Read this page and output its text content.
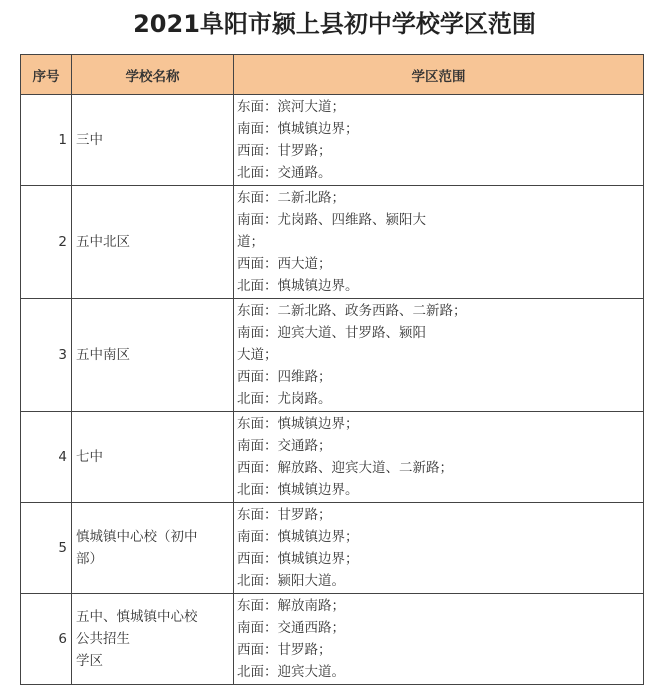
2021阜阳市颍上县初中学校学区范围
序号	学校名称	学区范围
1	三中	东面：滨河大道；
南面：慎城镇边界；
西面：甘罗路；
北面：交通路。

2	五中北区	东面：二新北路；
南面：尤岗路、四维路、颍阳大
道；
西面：西大道；
北面：慎城镇边界。

3	五中南区	东面：二新北路、政务西路、二新路；
南面：迎宾大道、甘罗路、颍阳
大道；
西面：四维路；
北面：尤岗路。

4	七中	东面：慎城镇边界；
南面：交通路；
西面：解放路、迎宾大道、二新路；
北面：慎城镇边界。

5	慎城镇中心校（初中
部）	东面：甘罗路；
南面：慎城镇边界；
西面：慎城镇边界；
北面：颍阳大道。

6	五中、慎城镇中心校
公共招生
学区	东面：解放南路；
南面：交通西路；
西面：甘罗路；
北面：迎宾大道。
